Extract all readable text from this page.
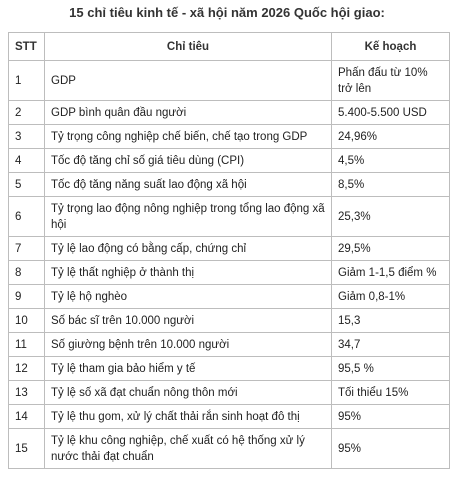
15 chỉ tiêu kinh tế - xã hội năm 2026 Quốc hội giao:
STT	Chỉ tiêu	Kế hoạch
1	GDP	Phấn đấu từ 10% trở lên
2	GDP bình quân đầu người	5.400-5.500 USD
3	Tỷ trọng công nghiệp chế biến, chế tạo trong GDP	24,96%
4	Tốc độ tăng chỉ số giá tiêu dùng (CPI)	4,5%
5	Tốc độ tăng năng suất lao động xã hội	8,5%
6	Tỷ trọng lao động nông nghiệp trong tổng lao động xã hội	25,3%
7	Tỷ lệ lao động có bằng cấp, chứng chỉ	29,5%
8	Tỷ lệ thất nghiệp ở thành thị	Giảm 1-1,5 điểm %
9	Tỷ lệ hộ nghèo	Giảm 0,8-1%
10	Số bác sĩ trên 10.000 người	15,3
11	Số giường bệnh trên 10.000 người	34,7
12	Tỷ lệ tham gia bảo hiểm y tế	95,5 %
13	Tỷ lệ số xã đạt chuẩn nông thôn mới	Tối thiểu 15%
14	Tỷ lệ thu gom, xử lý chất thải rắn sinh hoạt đô thị	95%
15	Tỷ lệ khu công nghiệp, chế xuất có hệ thống xử lý nước thải đạt chuẩn	95%
